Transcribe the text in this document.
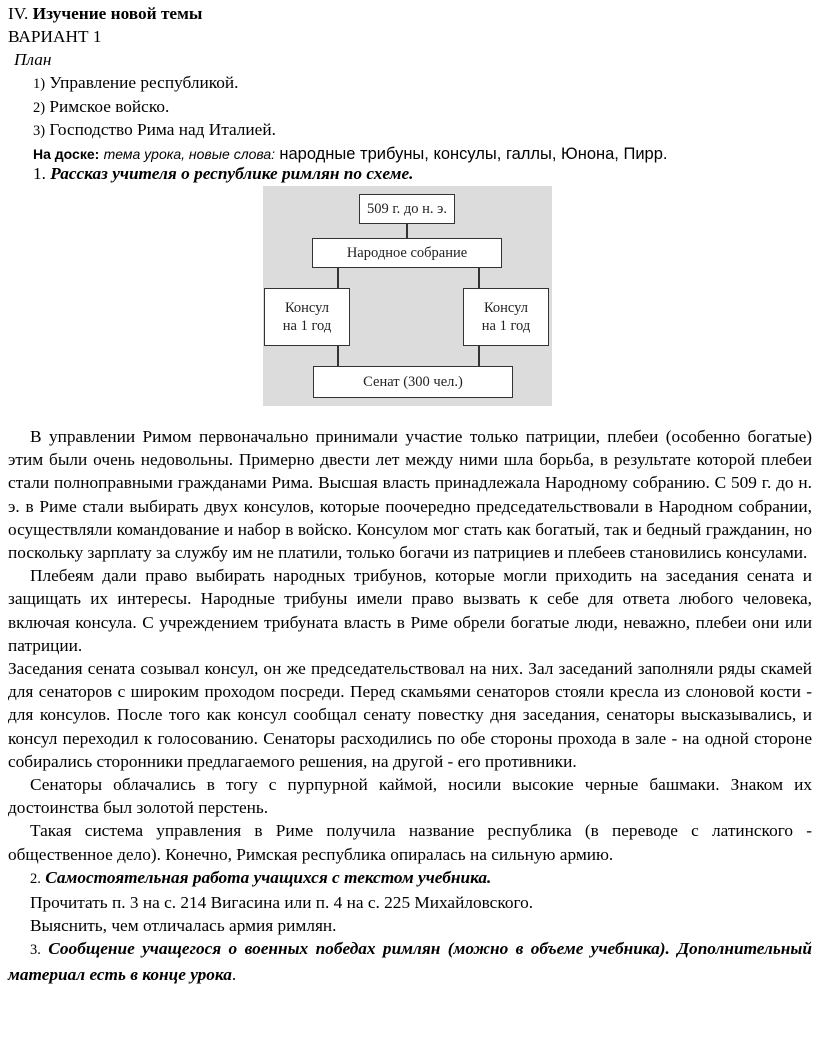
IV. Изучение новой темы
ВАРИАНТ 1
План
1) Управление республикой.
2) Римское войско.
3) Господство Рима над Италией.
На доске: тема урока, новые слова: народные трибуны, консулы, галлы, Юнона, Пирр.
1. Рассказ учителя о республике римлян по схеме.
509 г. до н. э.
Народное собрание
Консул
на 1 год
Консул
на 1 год
Сенат (300 чел.)

В управлении Римом первоначально принимали участие только патриции, плебеи (особенно богатые) этим были очень недовольны. Примерно двести лет между ними шла борьба, в результате которой плебеи стали полноправными гражданами Рима. Высшая власть принадлежала Народному собранию. С 509 г. до н. э. в Риме стали выбирать двух консулов, которые поочередно председательствовали в Народном собрании, осуществляли командование и набор в войско. Консулом мог стать как богатый, так и бедный гражданин, но поскольку зарплату за службу им не платили, только богачи из патрициев и плебеев становились консулами.

Плебеям дали право выбирать народных трибунов, которые могли приходить на заседания сената и защищать их интересы. Народные трибуны имели право вызвать к себе для ответа любого человека, включая консула. С учреждением трибуната власть в Риме обрели богатые люди, неважно, плебеи они или патриции.

Заседания сената созывал консул, он же председательствовал на них. Зал заседаний заполняли ряды скамей для сенаторов с широким проходом посреди. Перед скамьями сенаторов стояли кресла из слоновой кости - для консулов. После того как консул сообщал сенату повестку дня заседания, сенаторы высказывались, и консул переходил к голосованию. Сенаторы расходились по обе стороны прохода в зале - на одной стороне собирались сторонники предлагаемого решения, на другой - его противники.

Сенаторы облачались в тогу с пурпурной каймой, носили высокие черные башмаки. Знаком их достоинства был золотой перстень.

Такая система управления в Риме получила название республика (в переводе с латинского - общественное дело). Конечно, Римская республика опиралась на сильную армию.

2. Самостоятельная работа учащихся с текстом учебника.

Прочитать п. 3 на с. 214 Вигасина или п. 4 на с. 225 Михайловского.

Выяснить, чем отличалась армия римлян.

3. Сообщение учащегося о военных победах римлян (можно в объеме учебника). Дополнительный материал есть в конце урока.
